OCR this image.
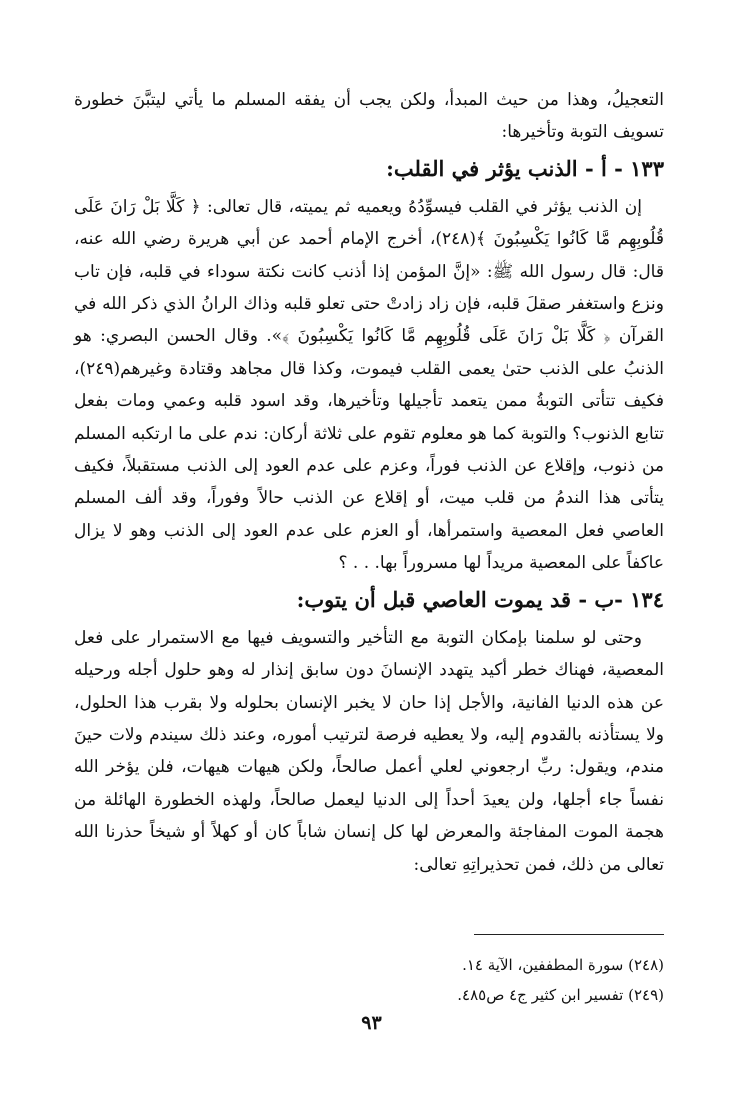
التعجيلُ، وهذا من حيث المبدأ، ولكن يجب أن يفقه المسلم ما يأتي ليتبَّنَ خطورة تسويف التوبة وتأخيرها:

١٣٣ - أ - الذنب يؤثر في القلب:

إن الذنب يؤثر في القلب فيسوِّدُهُ ويعميه ثم يميته، قال تعالى: ﴿ كَلَّا بَلْ رَانَ عَلَى قُلُوبِهِم مَّا كَانُوا يَكْسِبُونَ ﴾(٢٤٨)، أخرج الإمام أحمد عن أبي هريرة رضي الله عنه، قال: قال رسول الله ﷺ: «إنَّ المؤمن إذا أذنب كانت نكتة سوداء في قلبه، فإن تاب ونزع واستغفر صقلَ قلبه، فإن زاد زادتْ حتى تعلو قلبه وذاك الرانُ الذي ذكر الله في القرآن ﴿ كَلَّا بَلْ رَانَ عَلَى قُلُوبِهِم مَّا كَانُوا يَكْسِبُونَ ﴾». وقال الحسن البصري: هو الذنبُ على الذنب حتىٰ يعمى القلب فيموت، وكذا قال مجاهد وقتادة وغيرهم(٢٤٩)، فكيف تتأتى التوبةُ ممن يتعمد تأجيلها وتأخيرها، وقد اسود قلبه وعمي ومات بفعل تتابع الذنوب؟ والتوبة كما هو معلوم تقوم على ثلاثة أركان: ندم على ما ارتكبه المسلم من ذنوب، وإقلاع عن الذنب فوراً، وعزم على عدم العود إلى الذنب مستقبلاً، فكيف يتأتى هذا الندمُ من قلب ميت، أو إقلاع عن الذنب حالاً وفوراً، وقد ألف المسلم العاصي فعل المعصية واستمرأها، أو العزم على عدم العود إلى الذنب وهو لا يزال عاكفاً على المعصية مريداً لها مسروراً بها. . . ؟

١٣٤ -ب - قد يموت العاصي قبل أن يتوب:

وحتى لو سلمنا بإمكان التوبة مع التأخير والتسويف فيها مع الاستمرار على فعل المعصية، فهناك خطر أكيد يتهدد الإنسانَ دون سابق إنذار له وهو حلول أجله ورحيله عن هذه الدنيا الفانية، والأجل إذا حان لا يخبر الإنسان بحلوله ولا بقرب هذا الحلول، ولا يستأذنه بالقدوم إليه، ولا يعطيه فرصة لترتيب أموره، وعند ذلك سيندم ولات حينَ مندم، ويقول: ربِّ ارجعوني لعلي أعمل صالحاً، ولكن هيهات هيهات، فلن يؤخر الله نفساً جاء أجلها، ولن يعيدَ أحداً إلى الدنيا ليعمل صالحاً، ولهذه الخطورة الهائلة من هجمة الموت المفاجئة والمعرض لها كل إنسان شاباً كان أو كهلاً أو شيخاً حذرنا الله تعالى من ذلك، فمن تحذيراتِهِ تعالى:

(٢٤٨) سورة المطففين، الآية ١٤.

(٢٤٩) تفسير ابن كثير ج٤ ص٤٨٥.

٩٣
